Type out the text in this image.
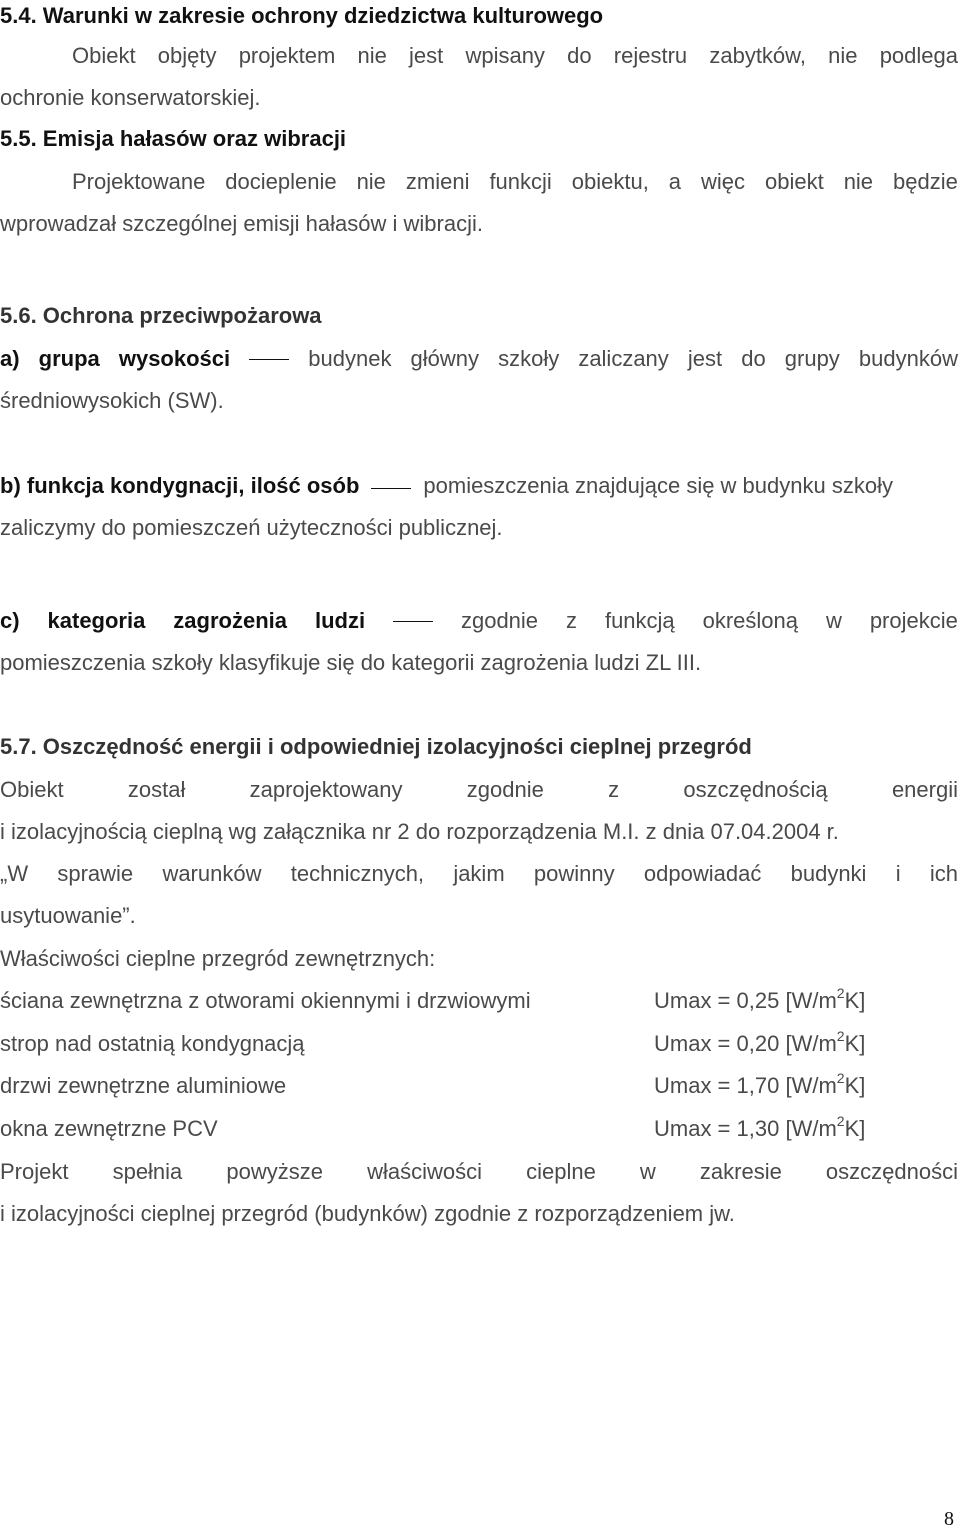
5.4. Warunki w zakresie ochrony dziedzictwa kulturowego
Obiekt objęty projektem nie jest wpisany do rejestru zabytków, nie podlega
ochronie konserwatorskiej.
5.5. Emisja hałasów oraz wibracji
Projektowane docieplenie nie zmieni funkcji obiektu, a więc obiekt nie będzie
wprowadzał szczególnej emisji hałasów i wibracji.
5.6. Ochrona przeciwpożarowa
a) grupa wysokości	budynek główny szkoły zaliczany jest do grupy budynków
średniowysokich (SW).
b) funkcja kondygnacji, ilość osób	pomieszczenia znajdujące się w budynku szkoły
zaliczymy do pomieszczeń użyteczności publicznej.
c) kategoria zagrożenia ludzi	zgodnie z funkcją określoną w projekcie
pomieszczenia szkoły klasyfikuje się do kategorii zagrożenia ludzi ZL III.
5.7. Oszczędność energii i odpowiedniej izolacyjności cieplnej przegród
Obiekt	został	zaprojektowany	zgodnie	z	oszczędnością	energii
i izolacyjnością cieplną wg załącznika nr 2 do rozporządzenia M.I. z dnia 07.04.2004 r.
„W sprawie warunków technicznych, jakim powinny odpowiadać budynki i ich
usytuowanie”.
Właściwości cieplne przegród zewnętrznych:
ściana zewnętrzna z otworami okiennymi i drzwiowymi	Umax = 0,25 $[W/m^2K]$
strop nad ostatnią kondygnacją	Umax = 0,20 $[W/m^2K]$
drzwi zewnętrzne aluminiowe	Umax = 1,70 $[W/m^2K]$
okna zewnętrzne PCV	Umax = 1,30 $[W/m^2K]$
Projekt spełnia powyższe właściwości cieplne w zakresie oszczędności
i izolacyjności cieplnej przegród (budynków) zgodnie z rozporządzeniem jw.
8
